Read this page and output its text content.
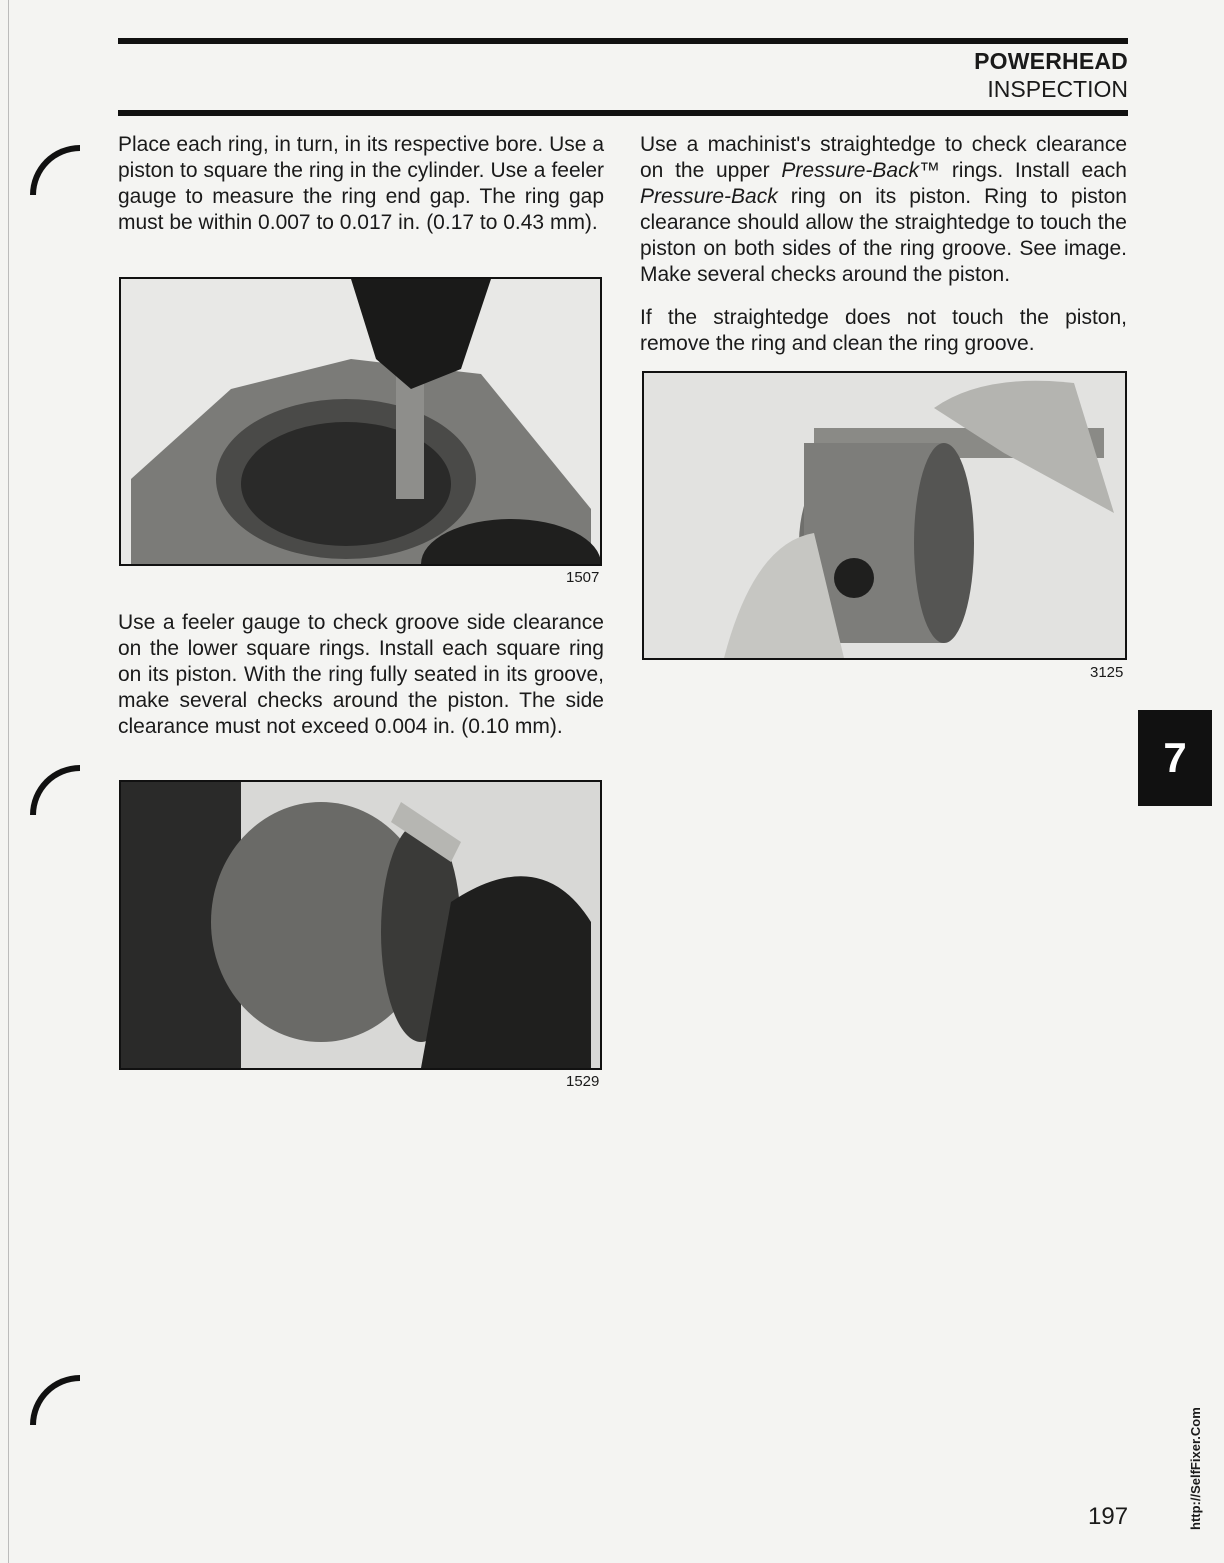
POWERHEAD
INSPECTION

Place each ring, in turn, in its respective bore. Use a piston to square the ring in the cylinder. Use a feeler gauge to measure the ring end gap. The ring gap must be within 0.007 to 0.017 in. (0.17 to 0.43 mm).

1507

Use a feeler gauge to check groove side clearance on the lower square rings. Install each square ring on its piston. With the ring fully seated in its groove, make several checks around the piston. The side clearance must not exceed 0.004 in. (0.10 mm).

1529

Use a machinist's straightedge to check clearance on the upper Pressure-Back™ rings. Install each Pressure-Back ring on its piston. Ring to piston clearance should allow the straightedge to touch the piston on both sides of the ring groove. See image. Make several checks around the piston.

If the straightedge does not touch the piston, remove the ring and clean the ring groove.

3125
7
197	http://SelfFixer.Com
